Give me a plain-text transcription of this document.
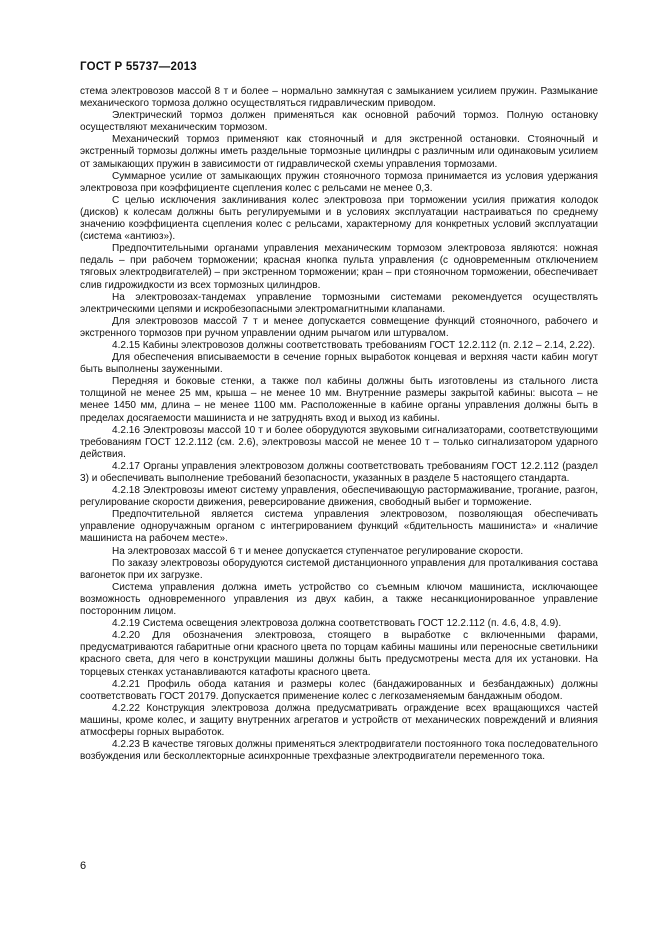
ГОСТ Р 55737—2013

стема электровозов массой 8 т и более – нормально замкнутая с замыканием усилием пружин. Размыкание механического тормоза должно осуществляться гидравлическим приводом.

Электрический тормоз должен применяться как основной рабочий тормоз. Полную остановку осуществляют механическим тормозом.

Механический тормоз применяют как стояночный и для экстренной остановки. Стояночный и экстренный тормозы должны иметь раздельные тормозные цилиндры с различным или одинаковым усилием от замыкающих пружин в зависимости от гидравлической схемы управления тормозами.

Суммарное усилие от замыкающих пружин стояночного тормоза принимается из условия удержания электровоза при коэффициенте сцепления колес с рельсами не менее 0,3.

С целью исключения заклинивания колес электровоза при торможении усилия прижатия колодок (дисков) к колесам должны быть регулируемыми и в условиях эксплуатации настраиваться по среднему значению коэффициента сцепления колес с рельсами, характерному для конкретных условий эксплуатации (система «антиюз»).

Предпочтительными органами управления механическим тормозом электровоза являются: ножная педаль – при рабочем торможении; красная кнопка пульта управления (с одновременным отключением тяговых электродвигателей) – при экстренном торможении; кран – при стояночном торможении, обеспечивает слив гидрожидкости из всех тормозных цилиндров.

На электровозах-тандемах управление тормозными системами рекомендуется осуществлять электрическими цепями и искробезопасными электромагнитными клапанами.

Для электровозов массой 7 т и менее допускается совмещение функций стояночного, рабочего и экстренного тормозов при ручном управлении одним рычагом или штурвалом.

4.2.15 Кабины электровозов должны соответствовать требованиям ГОСТ 12.2.112 (п. 2.12 – 2.14, 2.22).

Для обеспечения вписываемости в сечение горных выработок концевая и верхняя части кабин могут быть выполнены зауженными.

Передняя и боковые стенки, а также пол кабины должны быть изготовлены из стального листа толщиной не менее 25 мм, крыша – не менее 10 мм. Внутренние размеры закрытой кабины: высота – не менее 1450 мм, длина – не менее 1100 мм. Расположенные в кабине органы управления должны быть в пределах досягаемости машиниста и не затруднять вход и выход из кабины.

4.2.16 Электровозы массой 10 т и более оборудуются звуковыми сигнализаторами, соответствующими требованиям ГОСТ 12.2.112 (см. 2.6), электровозы массой не менее 10 т – только сигнализатором ударного действия.

4.2.17 Органы управления электровозом должны соответствовать требованиям ГОСТ 12.2.112 (раздел 3) и обеспечивать выполнение требований безопасности, указанных в разделе 5 настоящего стандарта.

4.2.18 Электровозы имеют систему управления, обеспечивающую растормаживание, трогание, разгон, регулирование скорости движения, реверсирование движения, свободный выбег и торможение.

Предпочтительной является система управления электровозом, позволяющая обеспечивать управление одноручажным органом с интегрированием функций «бдительность машиниста» и «наличие машиниста на рабочем месте».

На электровозах массой 6 т и менее допускается ступенчатое регулирование скорости.

По заказу электровозы оборудуются системой дистанционного управления для проталкивания состава вагонеток при их загрузке.

Система управления должна иметь устройство со съемным ключом машиниста, исключающее возможность одновременного управления из двух кабин, а также несанкционированное управление посторонним лицом.

4.2.19 Система освещения электровоза должна соответствовать ГОСТ 12.2.112 (п. 4.6, 4.8, 4.9).

4.2.20 Для обозначения электровоза, стоящего в выработке с включенными фарами, предусматриваются габаритные огни красного цвета по торцам кабины машины или переносные светильники красного света, для чего в конструкции машины должны быть предусмотрены места для их установки. На торцевых стенках устанавливаются катафоты красного цвета.

4.2.21 Профиль обода катания и размеры колес (бандажированных и безбандажных) должны соответствовать ГОСТ 20179. Допускается применение колес с легкозаменяемым бандажным ободом.

4.2.22 Конструкция электровоза должна предусматривать ограждение всех вращающихся частей машины, кроме колес, и защиту внутренних агрегатов и устройств от механических повреждений и влияния атмосферы горных выработок.

4.2.23 В качестве тяговых должны применяться электродвигатели постоянного тока последовательного возбуждения или бесколлекторные асинхронные трехфазные электродвигатели переменного тока.

6
